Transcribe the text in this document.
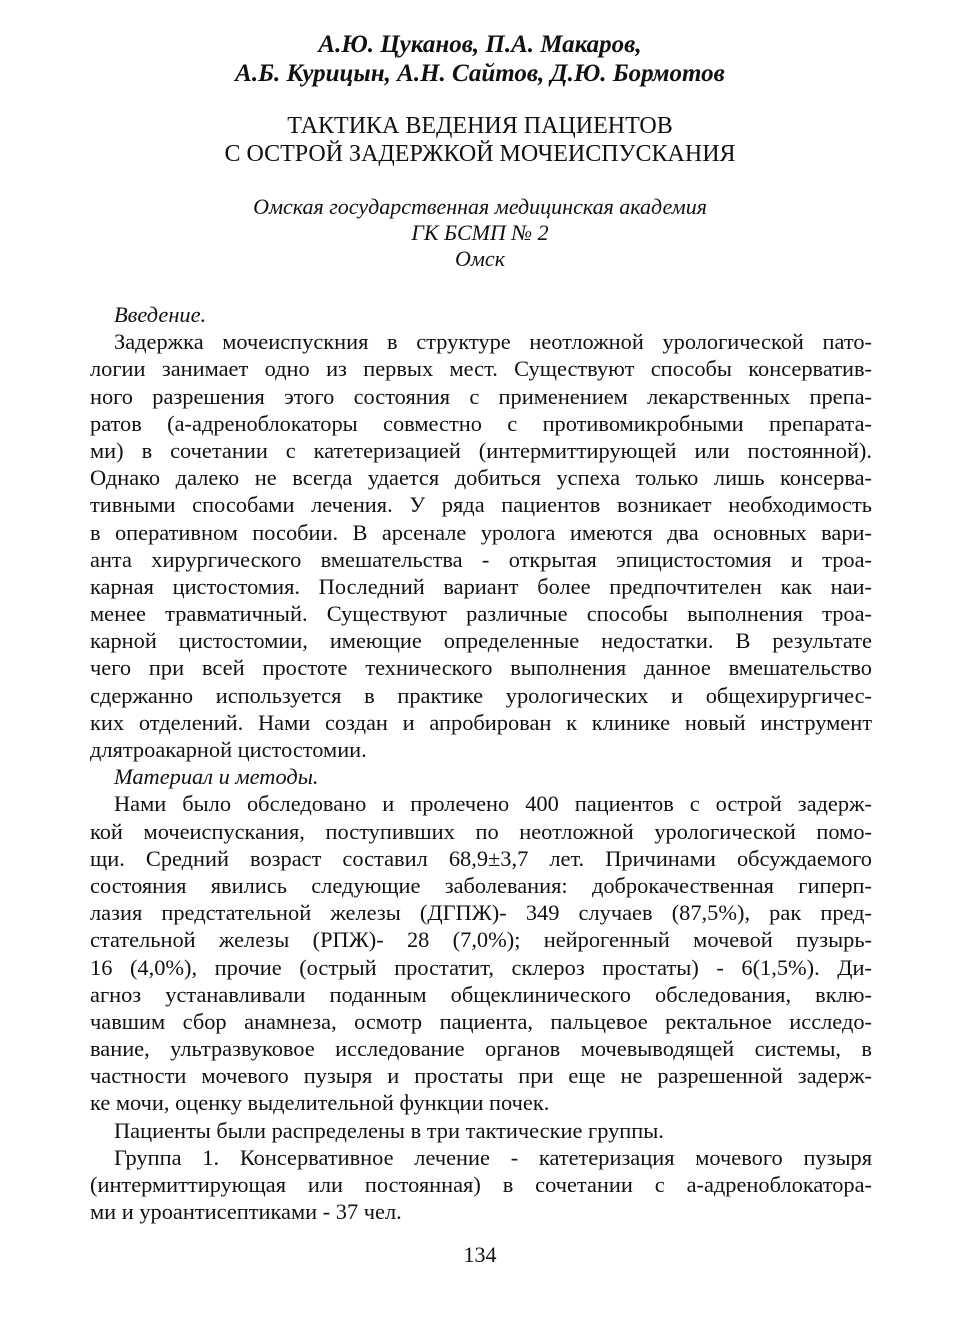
А.Ю. Цуканов, П.А. Макаров,
А.Б. Курицын, А.Н. Сайтов, Д.Ю. Бормотов
ТАКТИКА ВЕДЕНИЯ ПАЦИЕНТОВ
С ОСТРОЙ ЗАДЕРЖКОЙ МОЧЕИСПУСКАНИЯ
Омская государственная медицинская академия
ГК БСМП № 2
Омск
Введение.
Задержка мочеиспускния в структуре неотложной урологической пато-
логии занимает одно из первых мест. Существуют способы консерватив-
ного разрешения этого состояния с применением лекарственных препа-
ратов (а-адреноблокаторы совместно с противомикробными препарата-
ми) в сочетании с катетеризацией (интермиттирующей или постоянной).
Однако далеко не всегда удается добиться успеха только лишь консерва-
тивными способами лечения. У ряда пациентов возникает необходимость
в оперативном пособии. В арсенале уролога имеются два основных вари-
анта хирургического вмешательства - открытая эпицистостомия и троа-
карная цистостомия. Последний вариант более предпочтителен как наи-
менее травматичный. Существуют различные способы выполнения троа-
карной цистостомии, имеющие определенные недостатки. В результате
чего при всей простоте технического выполнения данное вмешательство
сдержанно используется в практике урологических и общехирургичес-
ких отделений. Нами создан и апробирован к клинике новый инструмент
длятроакарной цистостомии.
Материал и методы.
Нами было обследовано и пролечено 400 пациентов с острой задерж-
кой мочеиспускания, поступивших по неотложной урологической помо-
щи. Средний возраст составил 68,9±3,7 лет. Причинами обсуждаемого
состояния явились следующие заболевания: доброкачественная гиперп-
лазия предстательной железы (ДГПЖ)- 349 случаев (87,5%), рак пред-
стательной железы (РПЖ)- 28 (7,0%); нейрогенный мочевой пузырь-
16 (4,0%), прочие (острый простатит, склероз простаты) - 6(1,5%). Ди-
агноз устанавливали поданным общеклинического обследования, вклю-
чавшим сбор анамнеза, осмотр пациента, пальцевое ректальное исследо-
вание, ультразвуковое исследование органов мочевыводящей системы, в
частности мочевого пузыря и простаты при еще не разрешенной задерж-
ке мочи, оценку выделительной функции почек.
Пациенты были распределены в три тактические группы.
Группа 1. Консервативное лечение - катетеризация мочевого пузыря
(интермиттирующая или постоянная) в сочетании с а-адреноблокатора-
ми и уроантисептиками - 37 чел.
134
